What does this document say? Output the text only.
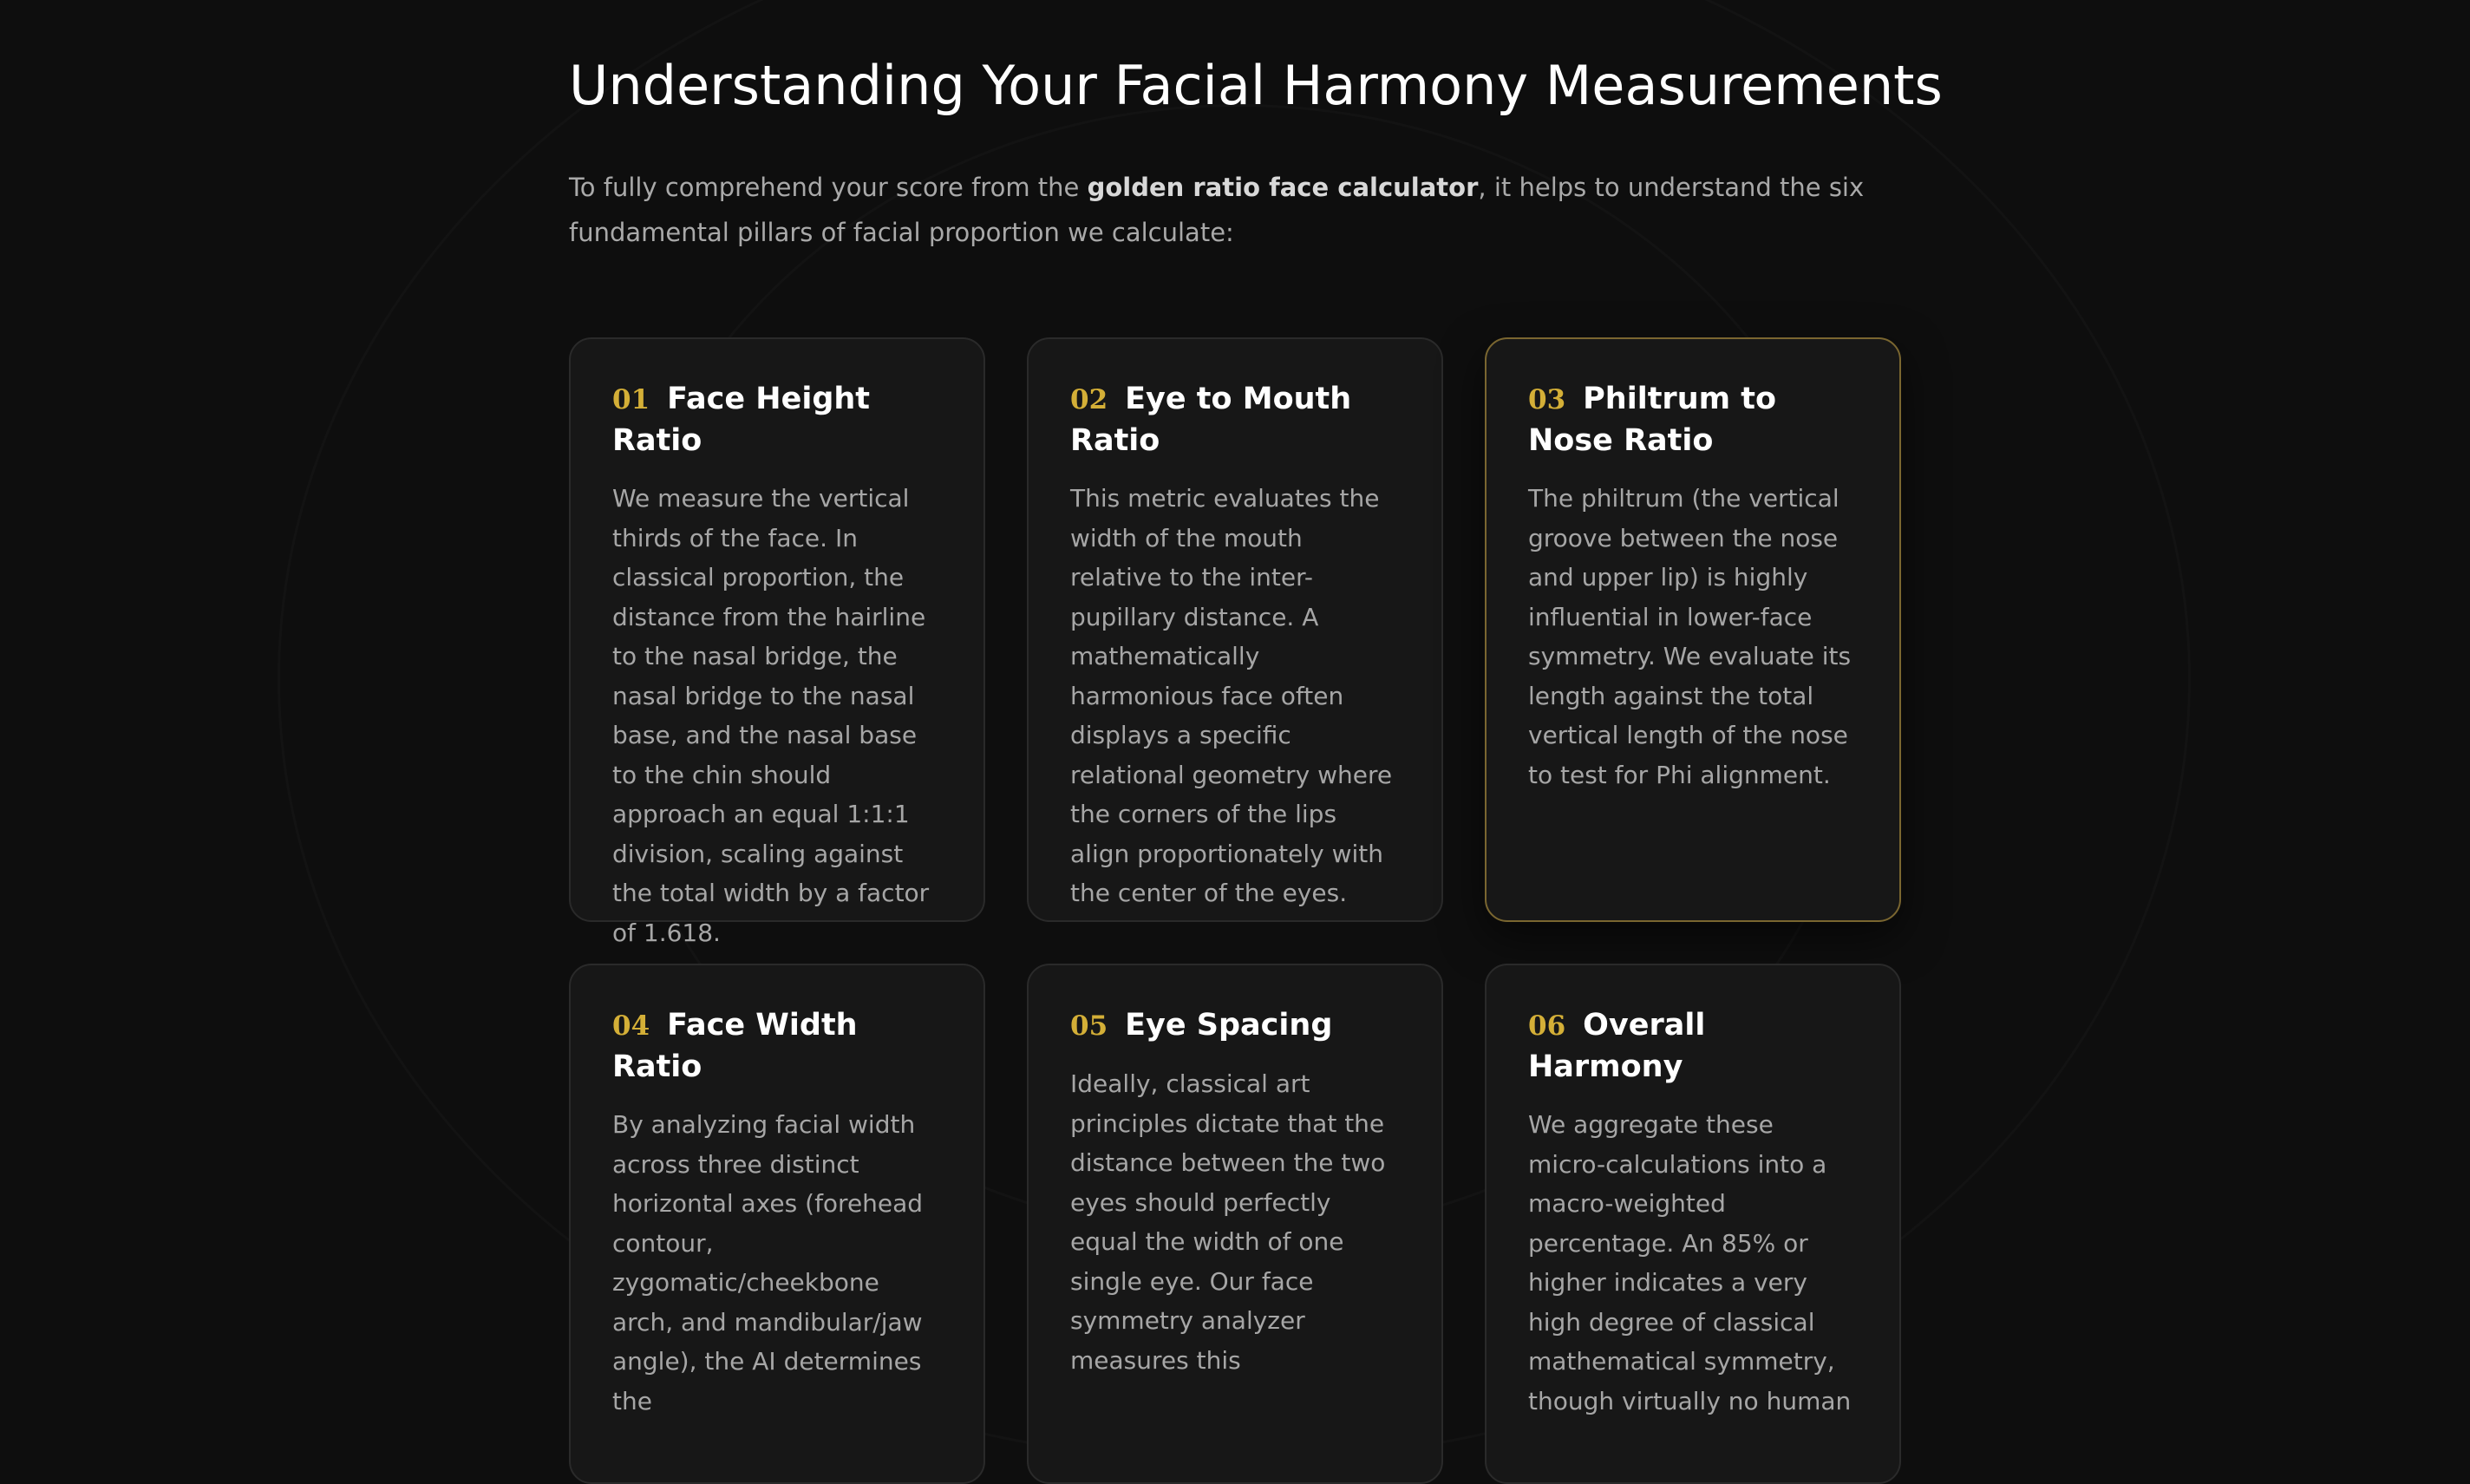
Understanding Your Facial Harmony Measurements

To fully comprehend your score from the golden ratio face calculator, it helps to understand the six fundamental pillars of facial proportion we calculate:

01 Face Height Ratio

We measure the vertical thirds of the face. In classical proportion, the distance from the hairline to the nasal bridge, the nasal bridge to the nasal base, and the nasal base to the chin should approach an equal 1:1:1 division, scaling against the total width by a factor of 1.618.

02 Eye to Mouth Ratio

This metric evaluates the width of the mouth relative to the inter-pupillary distance. A mathematically harmonious face often displays a specific relational geometry where the corners of the lips align proportionately with the center of the eyes.

03 Philtrum to Nose Ratio

The philtrum (the vertical groove between the nose and upper lip) is highly influential in lower-face symmetry. We evaluate its length against the total vertical length of the nose to test for Phi alignment.

04 Face Width Ratio

By analyzing facial width across three distinct horizontal axes (forehead contour, zygomatic/cheekbone arch, and mandibular/jaw angle), the AI determines the

05 Eye Spacing

Ideally, classical art principles dictate that the distance between the two eyes should perfectly equal the width of one single eye. Our face symmetry analyzer measures this

06 Overall Harmony

We aggregate these micro-calculations into a macro-weighted percentage. An 85% or higher indicates a very high degree of classical mathematical symmetry, though virtually no human
